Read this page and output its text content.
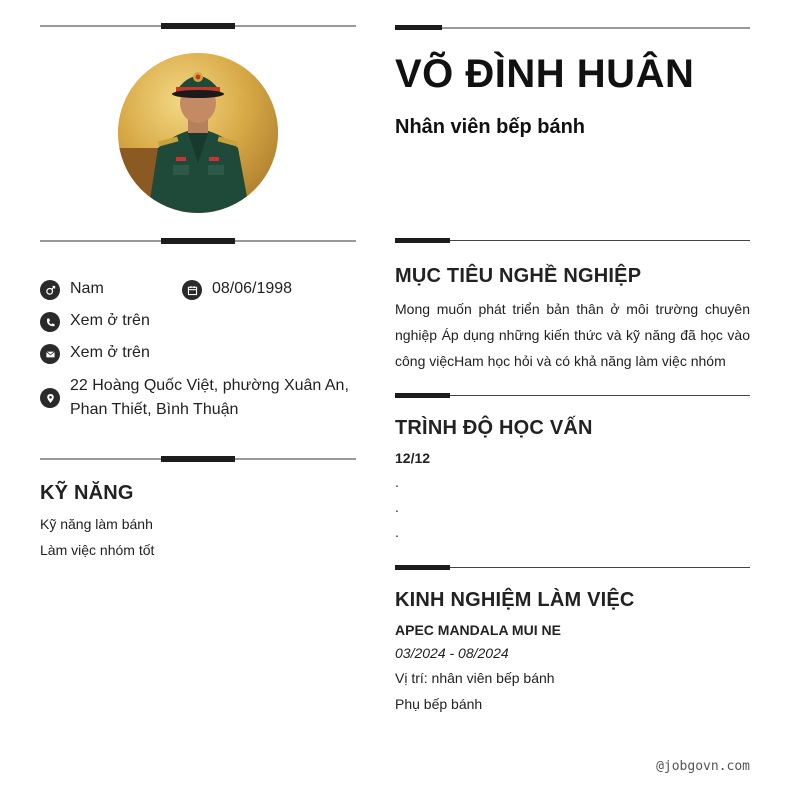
Nam	08/06/1998
Xem ở trên
Xem ở trên
22 Hoàng Quốc Việt, phường Xuân An, Phan Thiết, Bình Thuận
KỸ NĂNG
Kỹ năng làm bánh
Làm việc nhóm tốt
VÕ ĐÌNH HUÂN
Nhân viên bếp bánh
MỤC TIÊU NGHỀ NGHIỆP
Mong muốn phát triển bản thân ở môi trường chuyên nghiệp Áp dụng những kiến thức và kỹ năng đã học vào công việcHam học hỏi và có khả năng làm việc nhóm
TRÌNH ĐỘ HỌC VẤN
12/12
.
.
.
KINH NGHIỆM LÀM VIỆC
APEC MANDALA MUI NE
03/2024 - 08/2024
Vị trí: nhân viên bếp bánh
Phụ bếp bánh
@jobgovn.com
